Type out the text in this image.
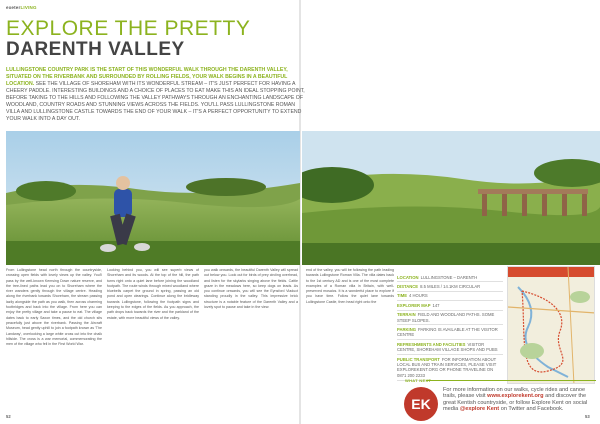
exeterLIVING
EXPLORE THE PRETTY
DARENTH VALLEY
LULLINGSTONE COUNTRY PARK IS THE START OF THIS WONDERFUL WALK THROUGH THE DARENTH VALLEY, SITUATED ON THE RIVERBANK AND SURROUNDED BY ROLLING FIELDS, YOUR WALK BEGINS IN A BEAUTIFUL LOCATION. SEE THE VILLAGE OF SHOREHAM WITH ITS WONDERFUL STREAM – IT'S JUST PERFECT FOR HAVING A CHEERY PADDLE. INTERESTING BUILDINGS AND A CHOICE OF PLACES TO EAT MAKE THIS AN IDEAL STOPPING POINT, BEFORE TAKING TO THE HILLS AND FOLLOWING THE VALLEY PATHWAYS THROUGH AN ENCHANTING LANDSCAPE OF WOODLAND, COUNTRY ROADS AND STUNNING VIEWS ACROSS THE FIELDS. YOU'LL PASS LULLINGSTONE ROMAN VILLA AND LULLINGSTONE CASTLE TOWARDS THE END OF YOUR WALK – IT'S A PERFECT OPPORTUNITY TO EXTEND YOUR WALK INTO A DAY OUT.
From Lullingstone head north through the countryside, crossing open fields with lovely views up the valley. You'll pass by the well-known Kemsing Down nature reserve, and the tree-lined paths lead you on to Shoreham where the river wanders gently through the village centre. Heading along the riverbank towards Shoreham, the stream passing lazily alongside the path as you walk, then across charming footbridges and back into the village. From here you can enjoy the pretty village and take a pause to eat. The village dates back to early Saxon times, and the old church sits peacefully just above the riverbank. Passing the Aircraft Museum, head gently uphill to join a footpath known as 'The Landway', overlooking a large white cross cut into the chalk hillside. The cross is a war memorial, commemorating the men of the village who fell in the First World War.
Looking behind you, you will see superb views of Shoreham and its woods. At the top of the hill, the path turns right onto a quiet lane before joining the woodland footpath. The route winds through mixed woodland where bluebells carpet the ground in spring, passing an old pond and open clearings. Continue along the bridleway towards Lullingstone, following the footpath signs and keeping to the edges of the fields. As you approach, the path drops back towards the river and the parkland of the estate, with more beautiful views of the valley.
you walk onwards, the beautiful Darenth Valley will spread out below you. Look out for birds of prey circling overhead, and listen for the skylarks singing above the fields. Cattle graze in the meadows here, so keep dogs on leads. As you continue onwards, you will see the Eynsford Viaduct standing proudly in the valley. This impressive brick structure is a notable feature of the Darenth Valley and a lovely spot to pause and take in the view.
end of the valley, you will be following the path leading towards Lullingstone Roman Villa. The villa dates back to the 1st century AD and is one of the most complete examples of a Roman villa in Britain, with well-preserved mosaics. It is a wonderful place to explore if you have time. Follow the quiet lane towards Lullingstone Castle, then head right onto the
LOCATION LULLINGSTONE – DARENTH
DISTANCE 8.5 MILES / 14.1KM CIRCULAR
TIME 4 HOURS
EXPLORER MAP 147
TERRAIN FIELD AND WOODLAND PATHS. SOME STEEP SLOPES.
PARKING PARKING IS AVAILABLE AT THE VISITOR CENTRE
REFRESHMENTS AND FACILITIES VISITOR CENTRE, SHOREHAM VILLAGE SHOPS AND PUBS
PUBLIC TRANSPORT FOR INFORMATION ABOUT LOCAL BUS AND TRAIN SERVICES, PLEASE VISIT EXPLOREKENT.ORG OR PHONE TRAVELINE ON 0871 200 2233
WHAT NEXT
EK
For more information on our walks, cycle rides and canoe trails, please visit www.explorekent.org and discover the great Kentish countryside, or follow Explore Kent on social media @explore Kent on Twitter and Facebook.
52	53
